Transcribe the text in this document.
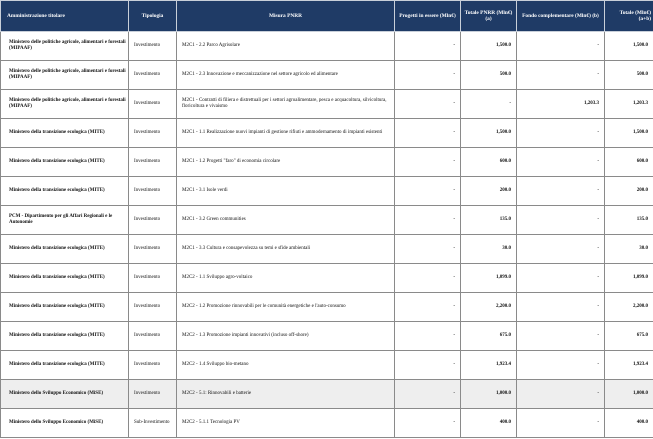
Amministrazione titolare	Tipologia	Misura PNRR	Progetti in essere (Mln€)	Totale PNRR (Mln€) (a)	Fondo complementare (Mln€) (b)	Totale (Mln€) (a+b)
Ministero delle politiche agricole, alimentari e forestali (MIPAAF)	Investimento	M2C1 - 2.2 Parco Agrisolare	-	1,500.0	-	1,500.0
Ministero delle politiche agricole, alimentari e forestali (MIPAAF)	Investimento	M2C1 - 2.3 Innovazione e meccanizzazione nel settore agricolo ed alimentare	-	500.0	-	500.0
Ministero delle politiche agricole, alimentari e forestali (MIPAAF)	Investimento	M2C1 - Contratti di filiera e distrettuali per i settori agroalimentare, pesca e acquacoltura, silvicoltura, floricoltura e vivaismo	-	-	1,203.3	1,203.3
Ministero della transizione ecologica (MITE)	Investimento	M2C1 - 1.1 Realizzazione nuovi impianti di gestione rifiuti e ammodernamento di impianti esistenti	-	1,500.0	-	1,500.0
Ministero della transizione ecologica (MITE)	Investimento	M2C1 - 1.2 Progetti "faro" di economia circolare	-	600.0	-	600.0
Ministero della transizione ecologica (MITE)	Investimento	M2C1 - 3.1 Isole verdi	-	200.0	-	200.0
PCM - Dipartimento per gli Affari Regionali e le Autonomie	Investimento	M2C1 - 3.2 Green communities	-	135.0	-	135.0
Ministero della transizione ecologica (MITE)	Investimento	M2C1 - 3.3 Cultura e consapevolezza su temi e sfide ambientali	-	30.0	-	30.0
Ministero della transizione ecologica (MITE)	Investimento	M2C2 - 1.1 Sviluppo agro-voltaico	-	1,099.0	-	1,099.0
Ministero della transizione ecologica (MITE)	Investimento	M2C2 - 1.2 Promozione rinnovabili per le comunità energetiche e l'auto-consumo	-	2,200.0	-	2,200.0
Ministero della transizione ecologica (MITE)	Investimento	M2C2 - 1.3 Promozione impianti innovativi (incluso off-shore)	-	675.0	-	675.0
Ministero della transizione ecologica (MITE)	Investimento	M2C2 - 1.4 Sviluppo bio-metano	-	1,923.4	-	1,923.4
Ministero dello Sviluppo Economico (MiSE)	Investimento	M2C2 - 5.1: Rinnovabili e batterie	-	1,000.0	-	1,000.0
Ministero dello Sviluppo Economico (MiSE)	Sub-Investimento	M2C2 - 5.1.1 Tecnologia PV	-	400.0	-	400.0
